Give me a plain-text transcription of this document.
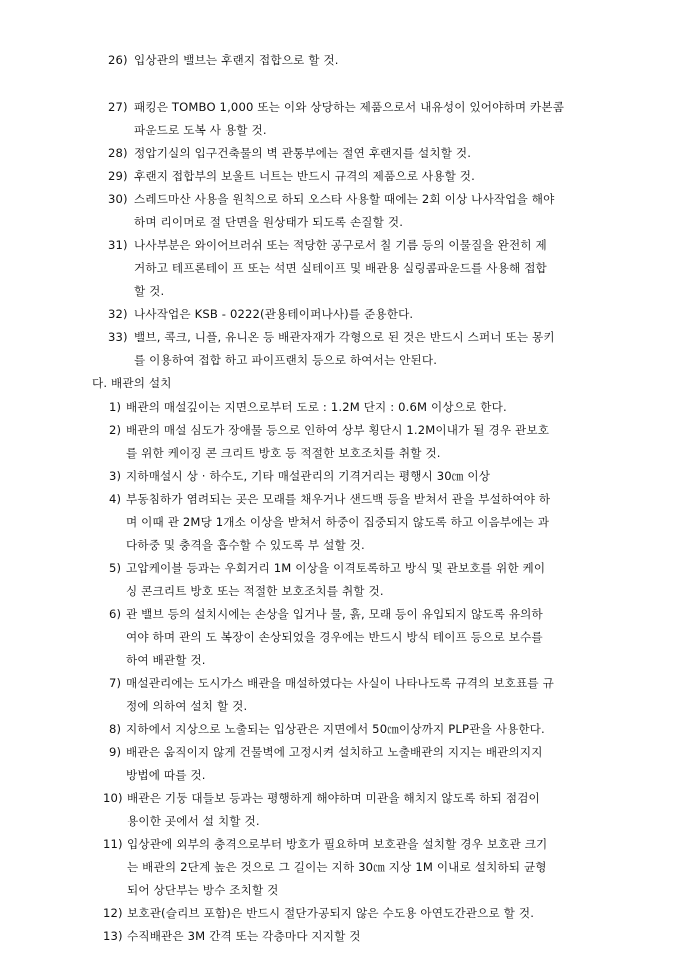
26) 입상관의 밸브는 후랜지 접합으로 할 것.
27) 패킹은 TOMBO 1,000 또는 이와 상당하는 제품으로서 내유성이 있어야하며 카본콤
파운드로 도복 사 용할 것.
28) 정압기실의 입구건축물의 벽 관통부에는 절연 후랜지를 설치할 것.
29) 후랜지 접합부의 보울트 너트는 반드시 규격의 제품으로 사용할 것.
30) 스레드마산 사용을 원칙으로 하되 오스타 사용할 때에는 2회 이상 나사작업을 해야
하며 리이머로 절 단면을 원상태가 되도록 손질할 것.
31) 나사부분은 와이어브러쉬 또는 적당한 공구로서 칠 기름 등의 이물질을 완전히 제
거하고 테프론테이 프 또는 석면 실테이프 및 배관용 실링콤파운드를 사용해 접합
할 것.
32) 나사작업은 KSB - 0222(관용테이퍼나사)를 준용한다.
33) 밸브, 콕크, 니플, 유니온 등 배관자재가 각형으로 된 것은 반드시 스퍼너 또는 몽키
를 이용하여 접합 하고 파이프랜치 등으로 하여서는 안된다.
다. 배관의 설치
1) 배관의 매설깊이는 지면으로부터 도로 : 1.2M 단지 : 0.6M 이상으로 한다.
2) 배관의 매설 심도가 장애물 등으로 인하여 상부 횡단시 1.2M이내가 될 경우 관보호
를 위한 케이징 콘 크리트 방호 등 적절한 보호조치를 취할 것.
3) 지하매설시 상 · 하수도, 기타 매설관리의 기격거리는 평행시 30㎝ 이상
4) 부동침하가 염려되는 곳은 모래를 채우거나 샌드백 등을 받쳐서 관을 부설하여야 하
며 이때 관 2M당 1개소 이상을 받쳐서 하중이 집중되지 않도록 하고 이음부에는 과
다하중 및 충격을 흡수할 수 있도록 부 설할 것.
5) 고압케이블 등과는 우회거리 1M 이상을 이격토록하고 방식 및 관보호를 위한 케이
싱 콘크리트 방호 또는 적절한 보호조치를 취할 것.
6) 관 밸브 등의 설치시에는 손상을 입거나 물, 흙, 모래 등이 유입되지 않도록 유의하
여야 하며 관의 도 복장이 손상되었을 경우에는 반드시 방식 테이프 등으로 보수를
하여 배관할 것.
7) 매설관리에는 도시가스 배관을 매설하였다는 사실이 나타나도록 규격의 보호표를 규
정에 의하여 설치 할 것.
8) 지하에서 지상으로 노출되는 입상관은 지면에서 50㎝이상까지 PLP관을 사용한다.
9) 배관은 움직이지 않게 건물벽에 고정시켜 설치하고 노출배관의 지지는 배관의지지
방법에 따를 것.
10) 배관은 기둥 대들보 등과는 평행하게 해야하며 미관을 해치지 않도록 하되 점검이
용이한 곳에서 설 치할 것.
11) 입상관에 외부의 충격으로부터 방호가 필요하며 보호관을 설치할 경우 보호관 크기
는 배관의 2단계 높은 것으로 그 길이는 지하 30㎝ 지상 1M 이내로 설치하되 균형
되어 상단부는 방수 조치할 것
12) 보호관(슬리브 포함)은 반드시 절단가공되지 않은 수도용 아연도간관으로 할 것.
13) 수직배관은 3M 간격 또는 각층마다 지지할 것
